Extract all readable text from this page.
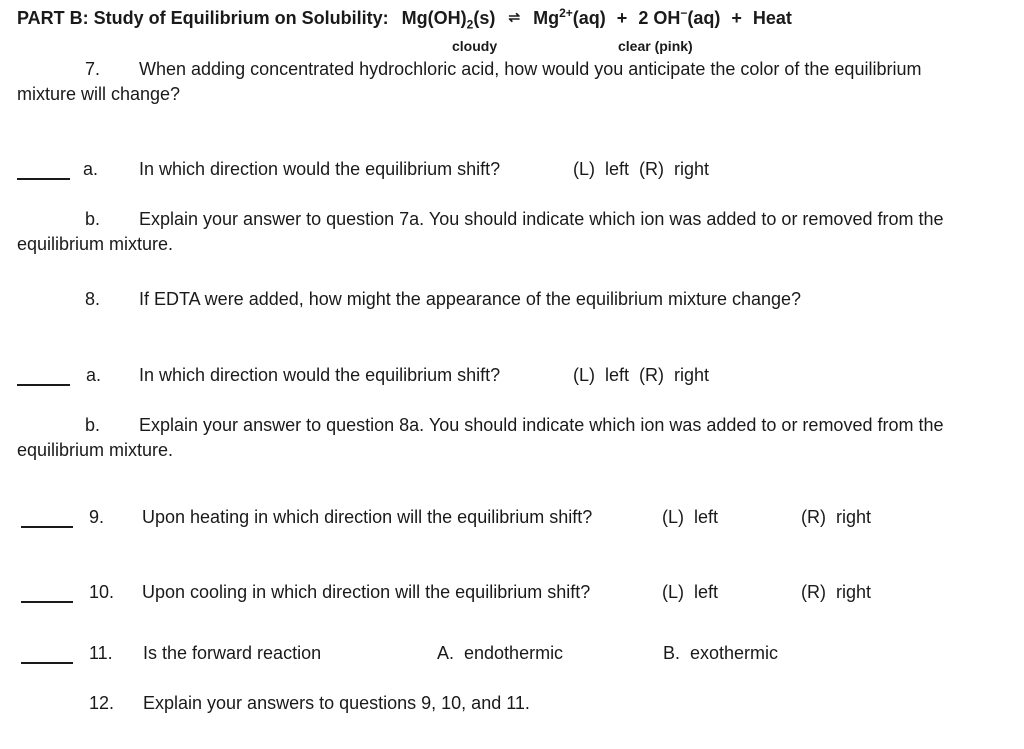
PART B: Study of Equilibrium on Solubility: $Mg(OH)_2(s)$ ⇌ $Mg^{2+}(aq) + 2$ OH−(aq) + Heat
cloudy	clear (pink)
7. When adding concentrated hydrochloric acid, how would you anticipate the color of the equilibrium
mixture will change?
a. In which direction would the equilibrium shift?	(L)  left  (R)  right
b. Explain your answer to question 7a. You should indicate which ion was added to or removed from the
equilibrium mixture.
8. If EDTA were added, how might the appearance of the equilibrium mixture change?
a. In which direction would the equilibrium shift?	(L)  left  (R)  right
b. Explain your answer to question 8a. You should indicate which ion was added to or removed from the
equilibrium mixture.
9. Upon heating in which direction will the equilibrium shift?	(L)  left	(R)  right
10. Upon cooling in which direction will the equilibrium shift?	(L)  left	(R)  right
11. Is the forward reaction	A.  endothermic	B.  exothermic
12. Explain your answers to questions 9, 10, and 11.
